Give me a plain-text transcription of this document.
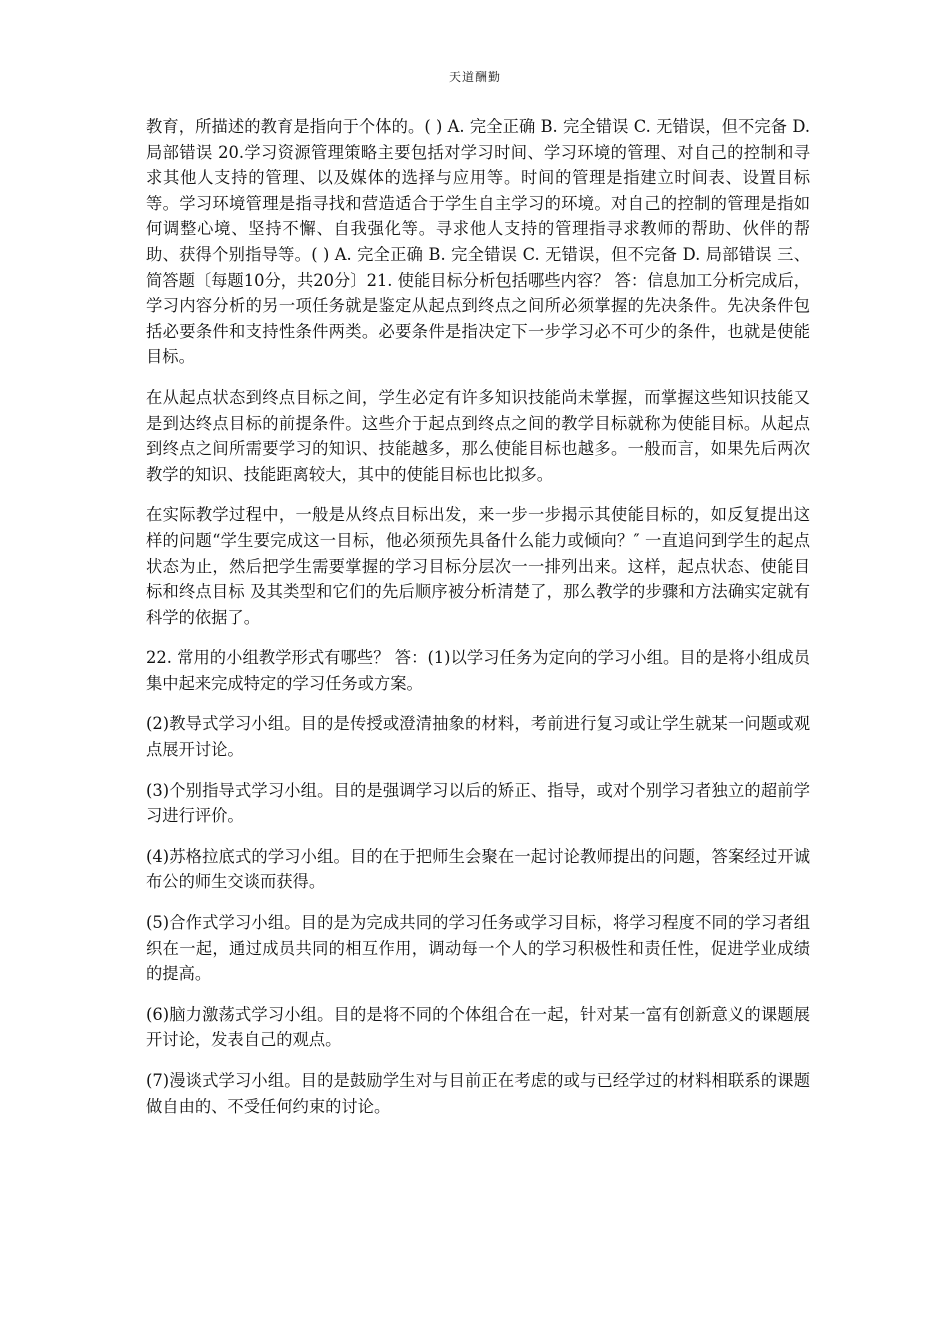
天道酬勤

教育，所描述的教育是指向于个体的。( ) A. 完全正确 B. 完全错误 C. 无错误，但不完备 D. 局部错误 20.学习资源管理策略主要包括对学习时间、学习环境的管理、对自己的控制和寻求其他人支持的管理、以及媒体的选择与应用等。时间的管理是指建立时间表、设置目标等。学习环境管理是指寻找和营造适合于学生自主学习的环境。对自己的控制的管理是指如何调整心境、坚持不懈、自我强化等。寻求他人支持的管理指寻求教师的帮助、伙伴的帮助、获得个别指导等。( ) A. 完全正确 B. 完全错误 C. 无错误，但不完备 D. 局部错误 三、简答题〔每题10分，共20分〕21. 使能目标分析包括哪些内容？ 答：信息加工分析完成后，学习内容分析的另一项任务就是鉴定从起点到终点之间所必须掌握的先决条件。先决条件包括必要条件和支持性条件两类。必要条件是指决定下一步学习必不可少的条件，也就是使能目标。

在从起点状态到终点目标之间，学生必定有许多知识技能尚未掌握，而掌握这些知识技能又是到达终点目标的前提条件。这些介于起点到终点之间的教学目标就称为使能目标。从起点到终点之间所需要学习的知识、技能越多，那么使能目标也越多。一般而言，如果先后两次教学的知识、技能距离较大，其中的使能目标也比拟多。

在实际教学过程中，一般是从终点目标出发，来一步一步揭示其使能目标的，如反复提出这样的问题“学生要完成这一目标，他必须预先具备什么能力或倾向？″ 一直追问到学生的起点状态为止，然后把学生需要掌握的学习目标分层次一一排列出来。这样，起点状态、使能目标和终点目标 及其类型和它们的先后顺序被分析清楚了，那么教学的步骤和方法确实定就有科学的依据了。

22. 常用的小组教学形式有哪些？ 答：(1)以学习任务为定向的学习小组。目的是将小组成员集中起来完成特定的学习任务或方案。

(2)教导式学习小组。目的是传授或澄清抽象的材料，考前进行复习或让学生就某一问题或观点展开讨论。

(3)个别指导式学习小组。目的是强调学习以后的矫正、指导，或对个别学习者独立的超前学习进行评价。

(4)苏格拉底式的学习小组。目的在于把师生会聚在一起讨论教师提出的问题，答案经过开诚布公的师生交谈而获得。

(5)合作式学习小组。目的是为完成共同的学习任务或学习目标，将学习程度不同的学习者组织在一起，通过成员共同的相互作用，调动每一个人的学习积极性和责任性，促进学业成绩的提高。

(6)脑力激荡式学习小组。目的是将不同的个体组合在一起，针对某一富有创新意义的课题展开讨论，发表自己的观点。

(7)漫谈式学习小组。目的是鼓励学生对与目前正在考虑的或与已经学过的材料相联系的课题做自由的、不受任何约束的讨论。
